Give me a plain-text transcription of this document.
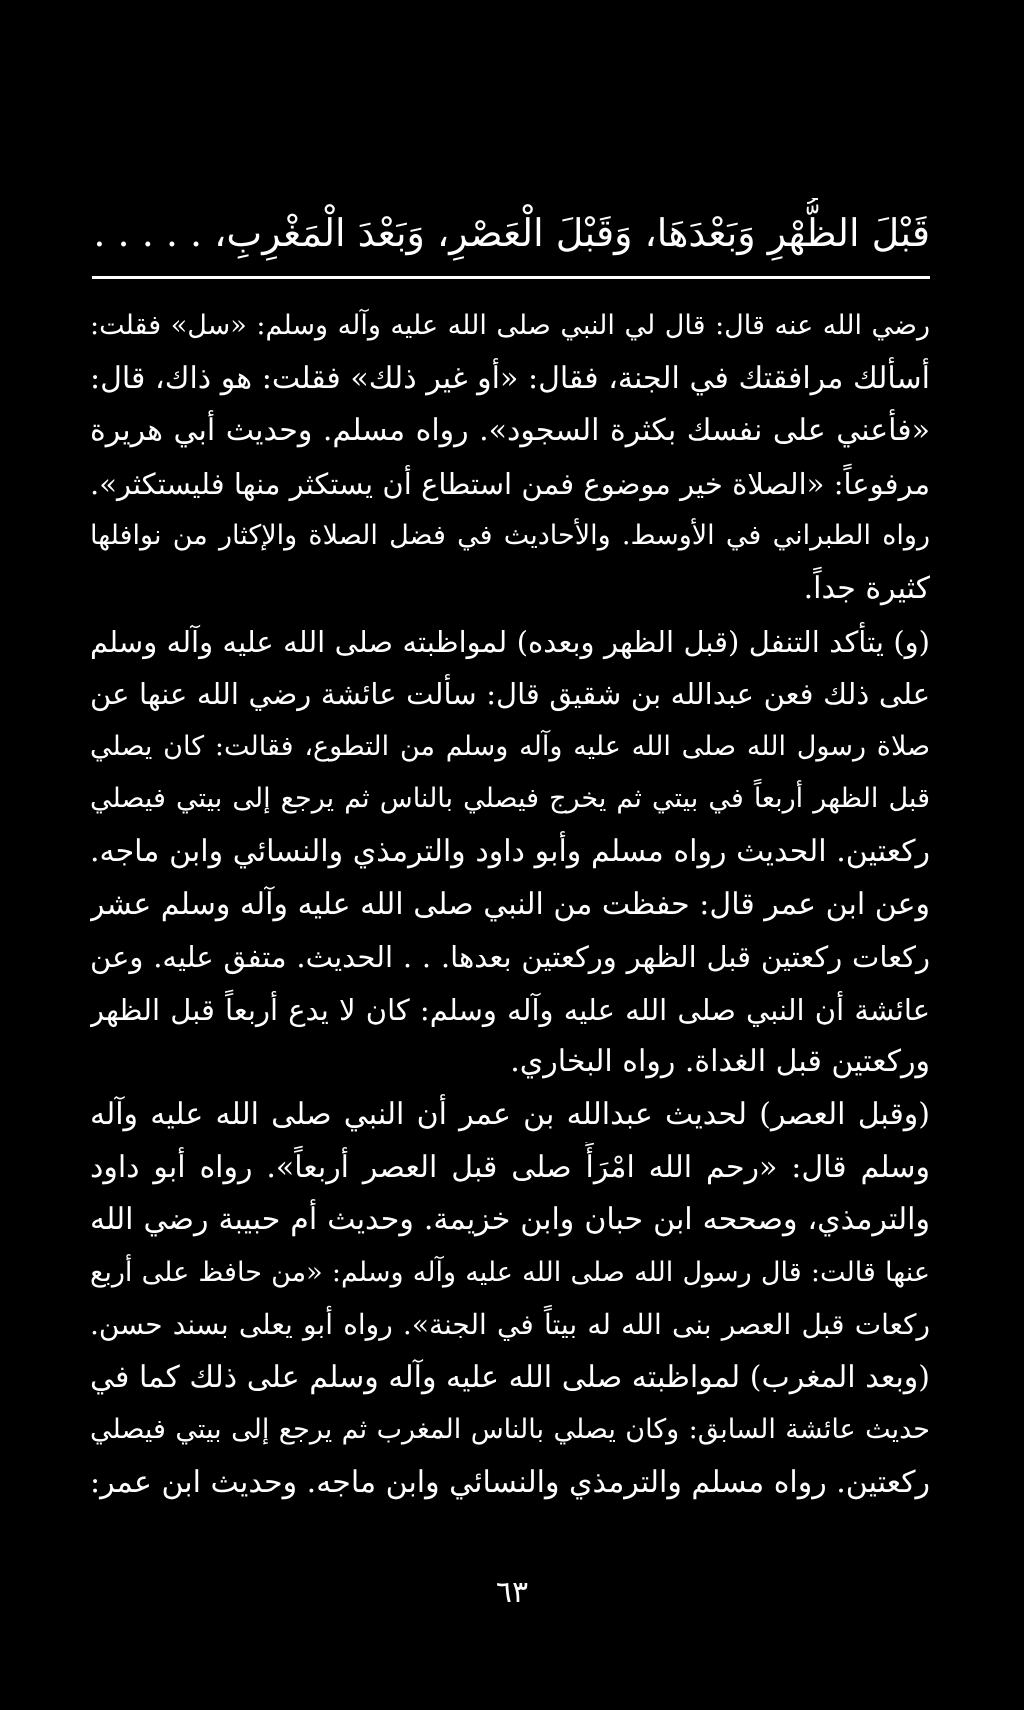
قَبْلَ الظُّهْرِ وَبَعْدَهَا، وَقَبْلَ الْعَصْرِ، وَبَعْدَ الْمَغْرِبِ، . . . . .
رضي الله عنه قال: قال لي النبي صلى الله عليه وآله وسلم: «سل» فقلت:
أسألك مرافقتك في الجنة، فقال: «أو غير ذلك» فقلت: هو ذاك، قال:
«فأعني على نفسك بكثرة السجود». رواه مسلم. وحديث أبي هريرة
مرفوعاً: «الصلاة خير موضوع فمن استطاع أن يستكثر منها فليستكثر».
رواه الطبراني في الأوسط. والأحاديث في فضل الصلاة والإكثار من نوافلها
كثيرة جداً.
(و) يتأكد التنفل (قبل الظهر وبعده) لمواظبته صلى الله عليه وآله وسلم
على ذلك فعن عبدالله بن شقيق قال: سألت عائشة رضي الله عنها عن
صلاة رسول الله صلى الله عليه وآله وسلم من التطوع، فقالت: كان يصلي
قبل الظهر أربعاً في بيتي ثم يخرج فيصلي بالناس ثم يرجع إلى بيتي فيصلي
ركعتين. الحديث رواه مسلم وأبو داود والترمذي والنسائي وابن ماجه.
وعن ابن عمر قال: حفظت من النبي صلى الله عليه وآله وسلم عشر
ركعات ركعتين قبل الظهر وركعتين بعدها. . . الحديث. متفق عليه. وعن
عائشة أن النبي صلى الله عليه وآله وسلم: كان لا يدع أربعاً قبل الظهر
وركعتين قبل الغداة. رواه البخاري.
(وقبل العصر) لحديث عبدالله بن عمر أن النبي صلى الله عليه وآله
وسلم قال: «رحم الله امْرَأً صلى قبل العصر أربعاً». رواه أبو داود
والترمذي، وصححه ابن حبان وابن خزيمة. وحديث أم حبيبة رضي الله
عنها قالت: قال رسول الله صلى الله عليه وآله وسلم: «من حافظ على أربع
ركعات قبل العصر بنى الله له بيتاً في الجنة». رواه أبو يعلى بسند حسن.
(وبعد المغرب) لمواظبته صلى الله عليه وآله وسلم على ذلك كما في
حديث عائشة السابق: وكان يصلي بالناس المغرب ثم يرجع إلى بيتي فيصلي
ركعتين. رواه مسلم والترمذي والنسائي وابن ماجه. وحديث ابن عمر:
٦٣
